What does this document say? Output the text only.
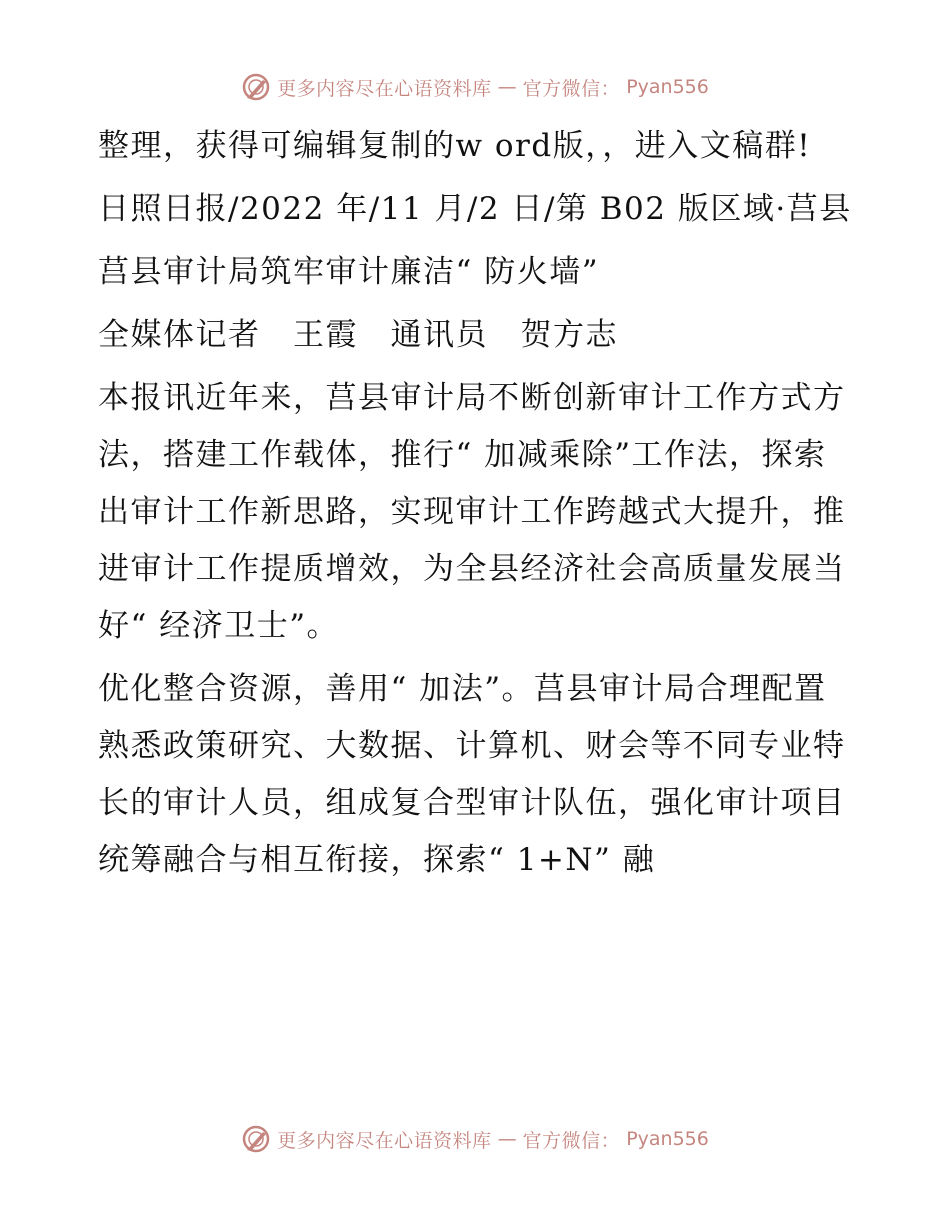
更多内容尽在心语资料库 — 官方微信： Pyan556

整理，获得可编辑复制的w ord版，，进入文稿群!

日照日报/2022 年/11 月/2 日/第 B02 版区域·莒县

莒县审计局筑牢审计廉洁“ 防火墙”

全媒体记者　王霞　通讯员　贺方志

本报讯近年来，莒县审计局不断创新审计工作方式方法，搭建工作载体，推行“ 加减乘除”工作法，探索出审计工作新思路，实现审计工作跨越式大提升，推进审计工作提质增效，为全县经济社会高质量发展当好“ 经济卫士”。

优化整合资源，善用“ 加法”。莒县审计局合理配置熟悉政策研究、大数据、计算机、财会等不同专业特长的审计人员，组成复合型审计队伍，强化审计项目统筹融合与相互衔接，探索“ 1+N” 融

更多内容尽在心语资料库 — 官方微信： Pyan556
